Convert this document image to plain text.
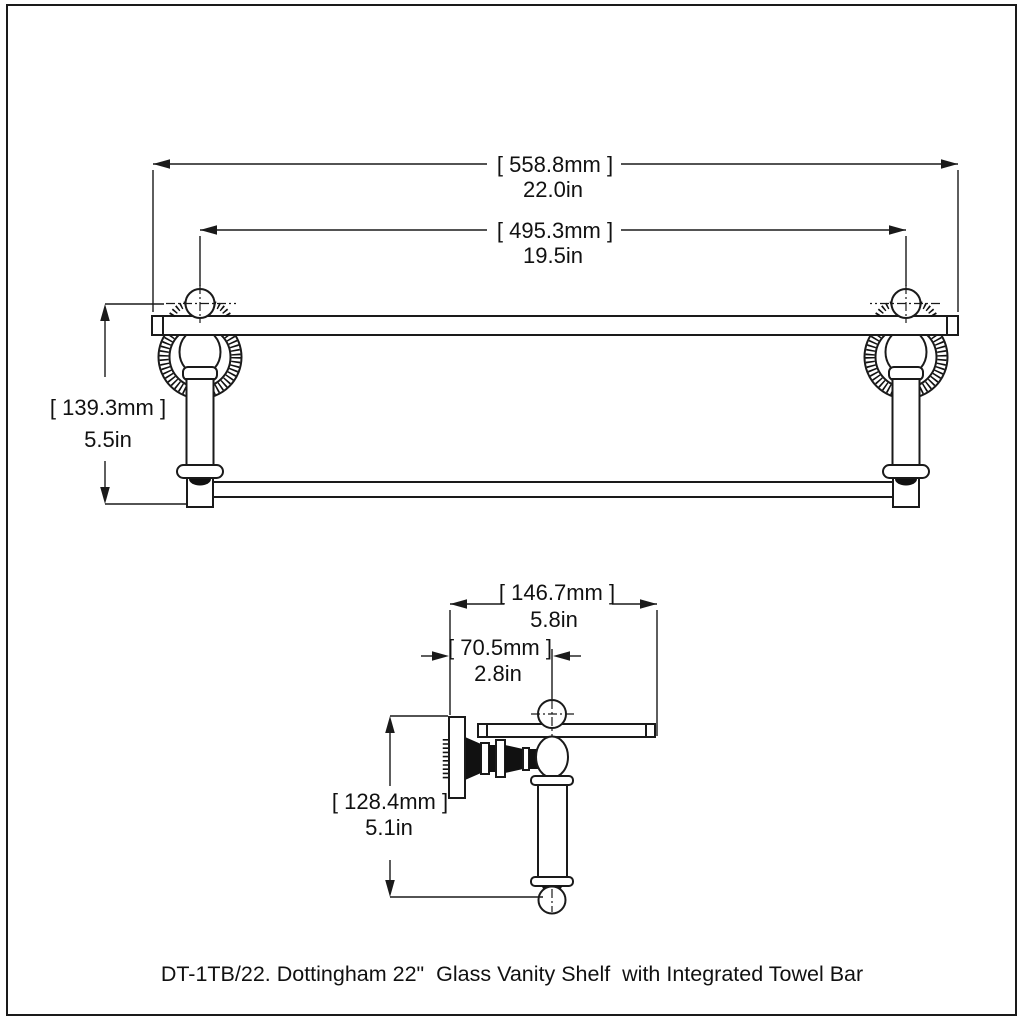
[ 558.8mm ]
22.0in
[ 495.3mm ]
19.5in
[ 139.3mm ]
5.5in
[ 146.7mm ]
5.8in
[ 70.5mm ]
2.8in
[ 128.4mm ]
5.1in
DT-1TB/22. Dottingham 22"  Glass Vanity Shelf  with Integrated Towel Bar
